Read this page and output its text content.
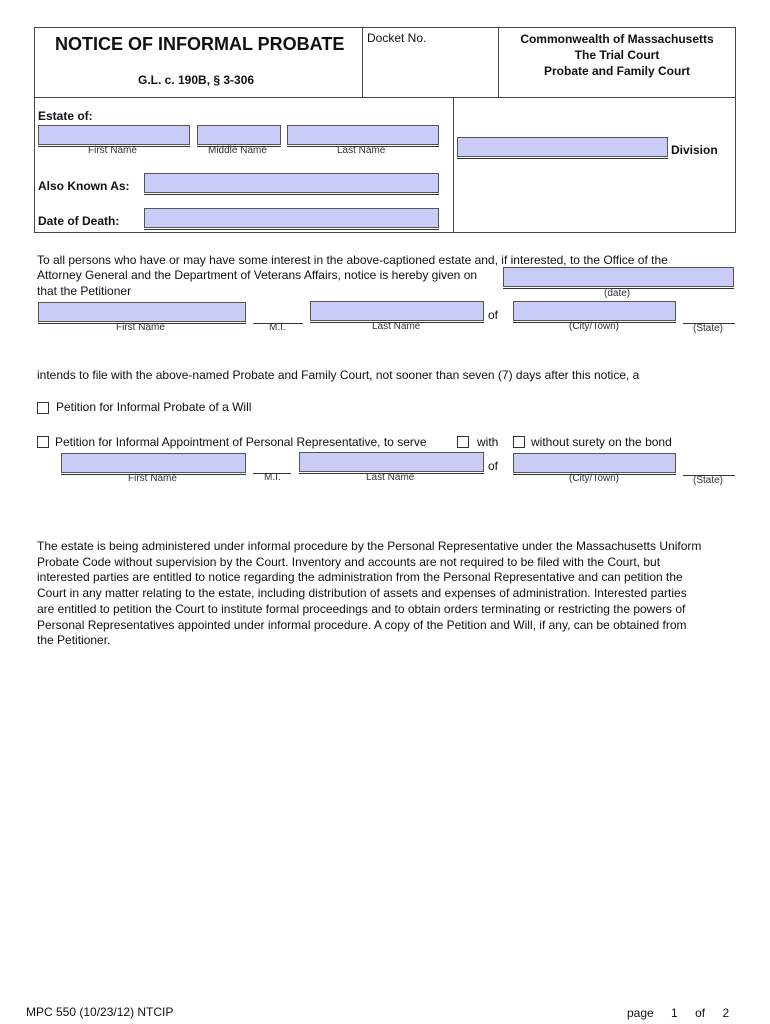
NOTICE OF INFORMAL PROBATE
G.L. c. 190B, § 3-306
Docket No.	Commonwealth of Massachusetts
The Trial Court
Probate and Family Court
Estate of:
First Name	Middle Name	Last Name	Division
Also Known As:
Date of Death:
To all persons who have or may have some interest in the above-captioned estate and, if interested, to the Office of the
Attorney General and the Department of Veterans Affairs, notice is hereby given on
(date)
that the Petitioner
First Name	M.I.	Last Name
of
(City/Town)	(State)
intends to file with the above-named Probate and Family Court, not sooner than seven (7) days after this notice, a
Petition for Informal Probate of a Will
Petition for Informal Appointment of Personal Representative, to serve	with	without surety on the bond
First Name	M.I.	Last Name
of
(City/Town)	(State)
The estate is being administered under informal procedure by the Personal Representative under the Massachusetts Uniform
Probate Code without supervision by the Court. Inventory and accounts are not required to be filed with the Court, but
interested parties are entitled to notice regarding the administration from the Personal Representative and can petition the
Court in any matter relating to the estate, including distribution of assets and expenses of administration. Interested parties
are entitled to petition the Court to institute formal proceedings and to obtain orders terminating or restricting the powers of
Personal Representatives appointed under informal procedure. A copy of the Petition and Will, if any, can be obtained from
the Petitioner.
MPC 550 (10/23/12) NTCIP	page 1 of 2
